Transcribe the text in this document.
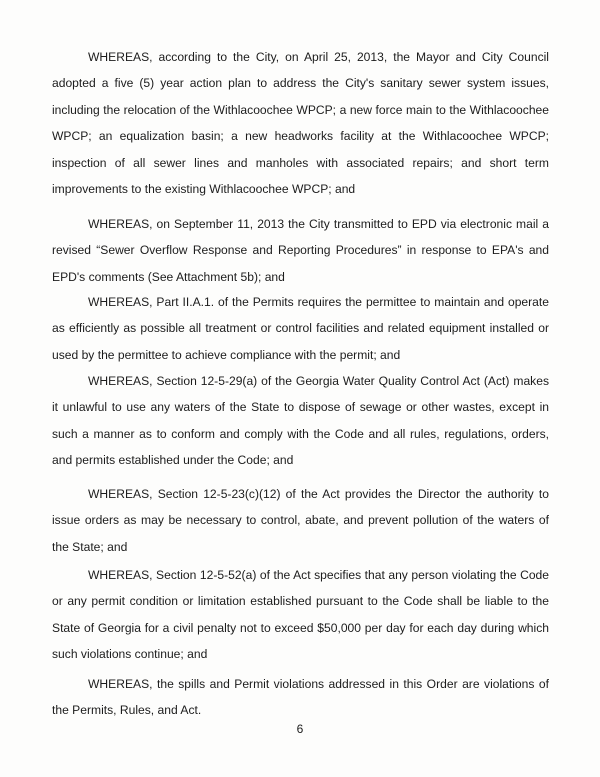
WHEREAS, according to the City, on April 25, 2013, the Mayor and City Council adopted a five (5) year action plan to address the City's sanitary sewer system issues, including the relocation of the Withlacoochee WPCP; a new force main to the Withlacoochee WPCP; an equalization basin; a new headworks facility at the Withlacoochee WPCP; inspection of all sewer lines and manholes with associated repairs; and short term improvements to the existing Withlacoochee WPCP; and

WHEREAS, on September 11, 2013 the City transmitted to EPD via electronic mail a revised “Sewer Overflow Response and Reporting Procedures” in response to EPA's and EPD's comments (See Attachment 5b); and

WHEREAS, Part II.A.1. of the Permits requires the permittee to maintain and operate as efficiently as possible all treatment or control facilities and related equipment installed or used by the permittee to achieve compliance with the permit; and

WHEREAS, Section 12-5-29(a) of the Georgia Water Quality Control Act (Act) makes it unlawful to use any waters of the State to dispose of sewage or other wastes, except in such a manner as to conform and comply with the Code and all rules, regulations, orders, and permits established under the Code; and

WHEREAS, Section 12-5-23(c)(12) of the Act provides the Director the authority to issue orders as may be necessary to control, abate, and prevent pollution of the waters of the State; and

WHEREAS, Section 12-5-52(a) of the Act specifies that any person violating the Code or any permit condition or limitation established pursuant to the Code shall be liable to the State of Georgia for a civil penalty not to exceed $50,000 per day for each day during which such violations continue; and

WHEREAS, the spills and Permit violations addressed in this Order are violations of the Permits, Rules, and Act.

6
